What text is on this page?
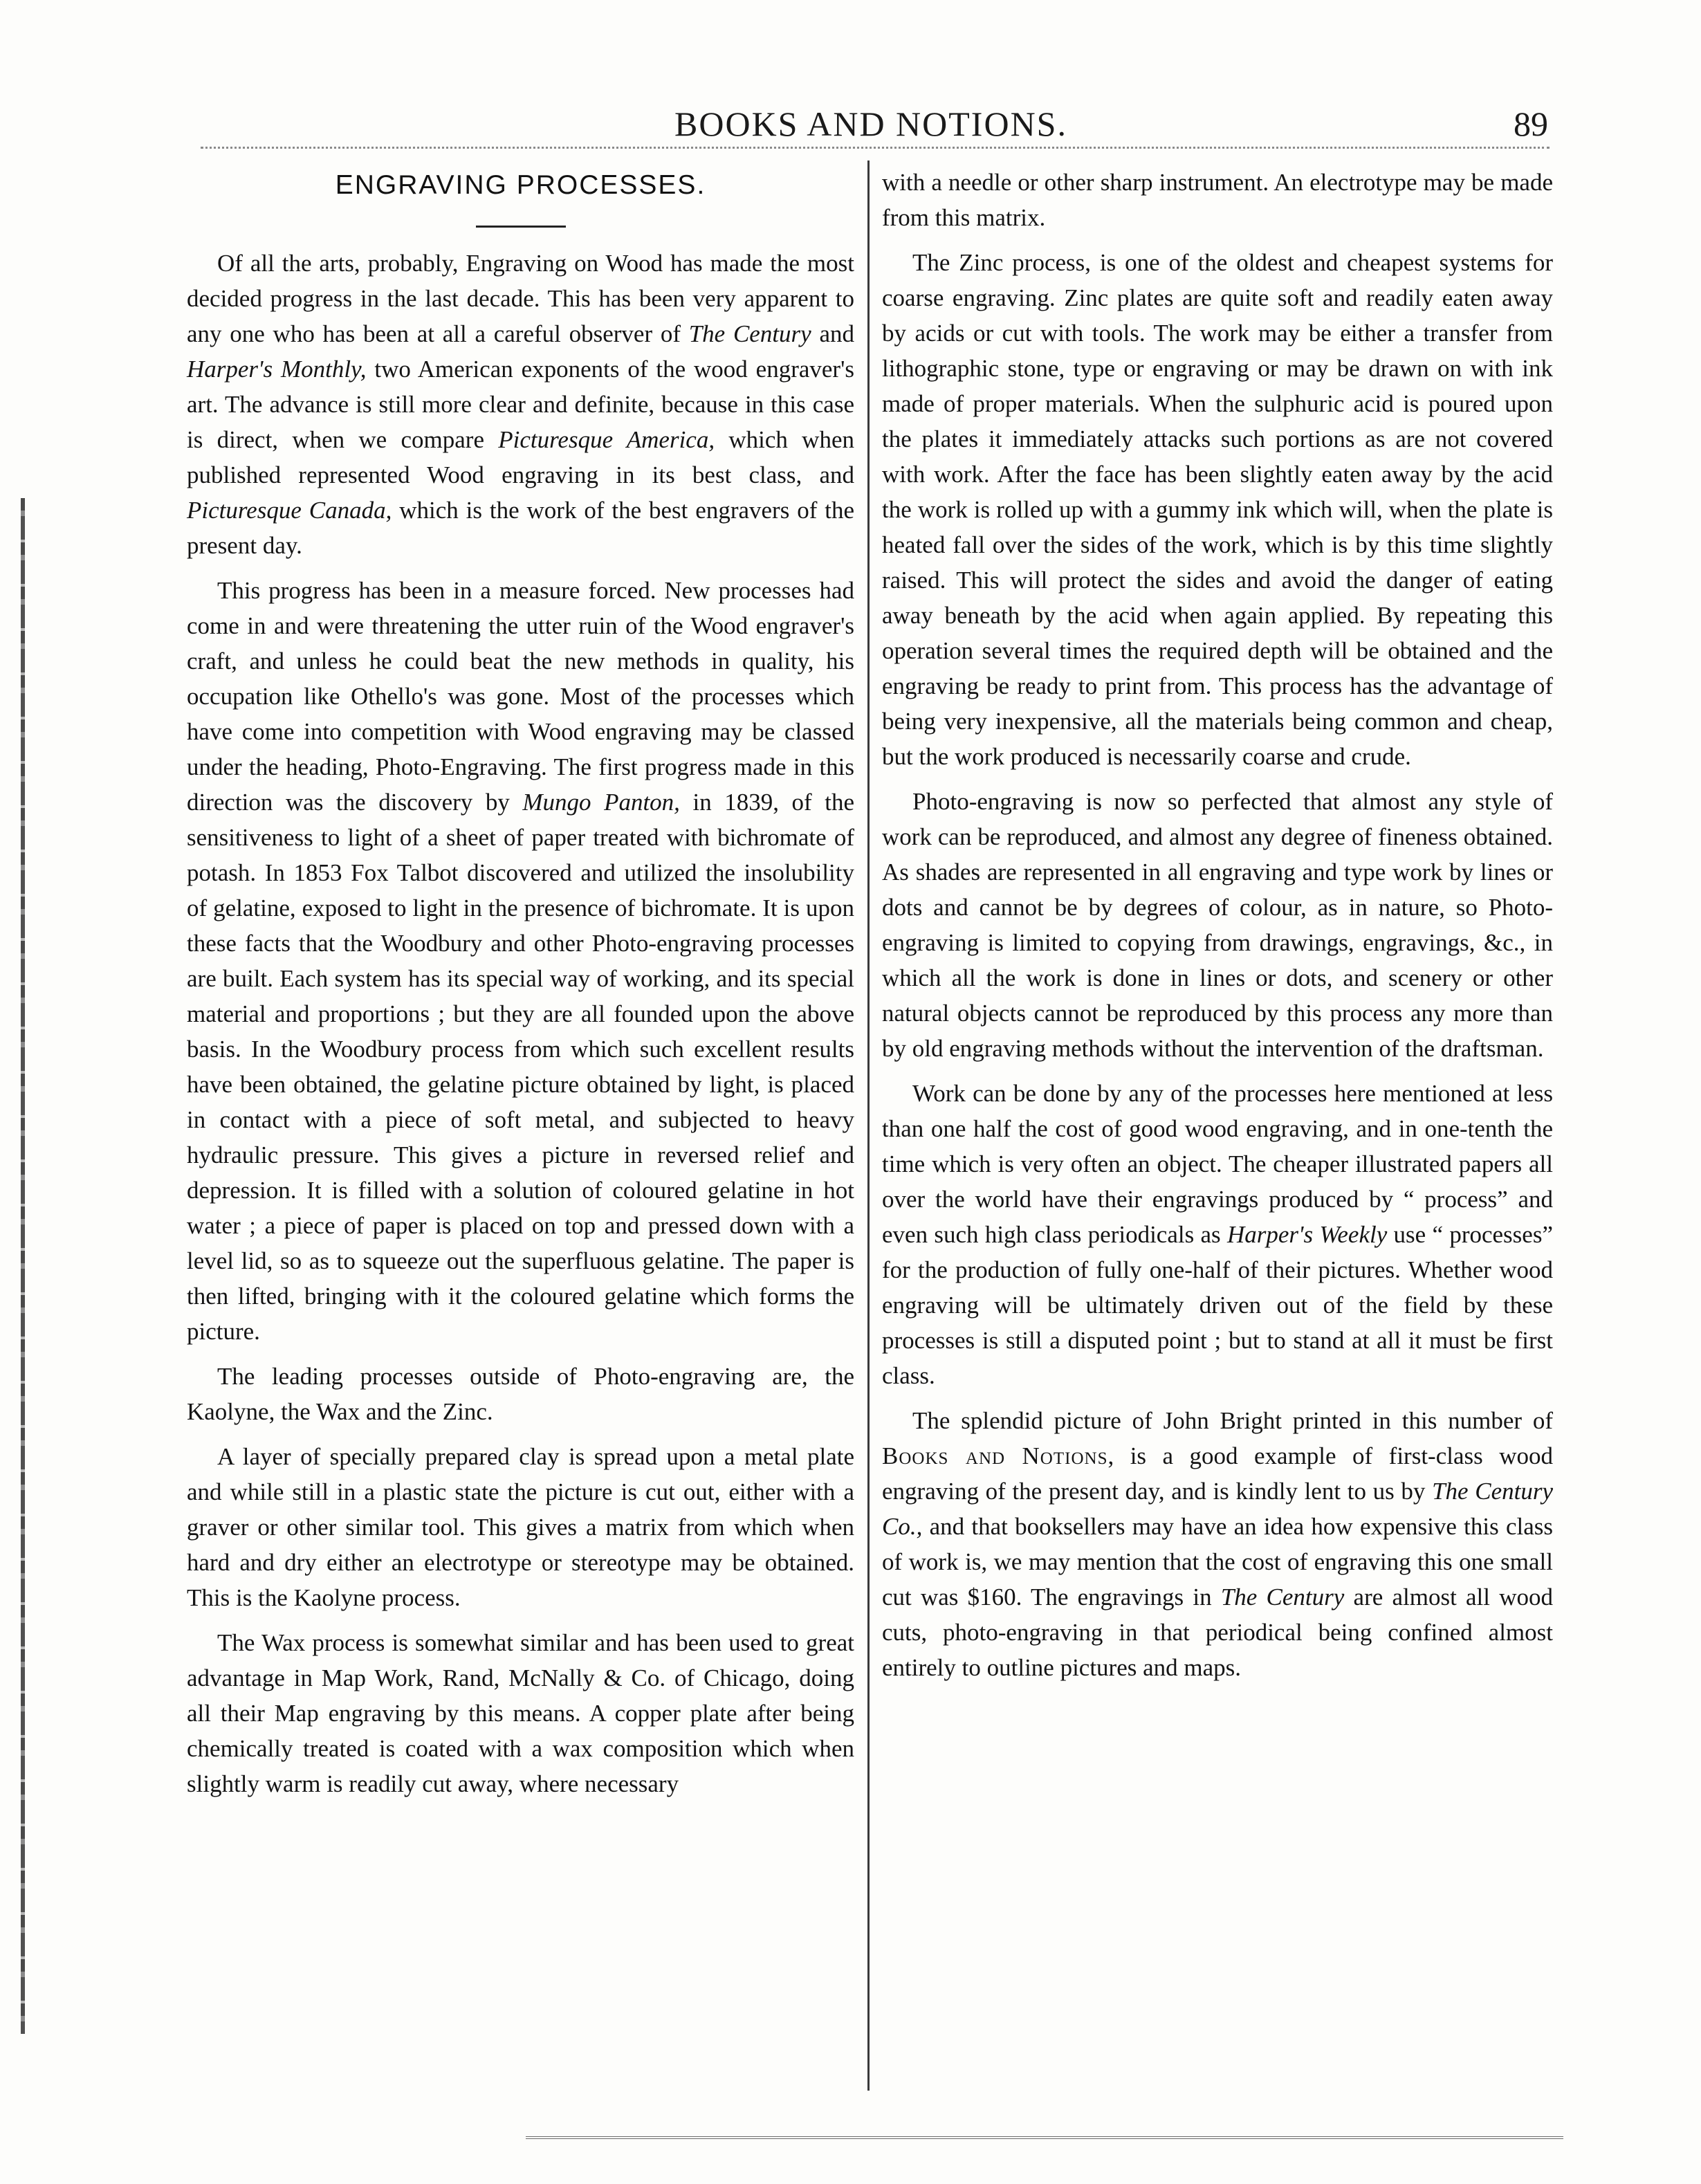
BOOKS AND NOTIONS.	89
ENGRAVING PROCESSES.

Of all the arts, probably, Engraving on Wood has made the most decided progress in the last decade. This has been very apparent to any one who has been at all a careful observer of The Century and Harper's Monthly, two American exponents of the wood engraver's art. The advance is still more clear and definite, because in this case is direct, when we compare Picturesque America, which when published represented Wood engraving in its best class, and Picturesque Canada, which is the work of the best engravers of the present day.

This progress has been in a measure forced. New processes had come in and were threatening the utter ruin of the Wood engraver's craft, and unless he could beat the new methods in quality, his occupation like Othello's was gone. Most of the processes which have come into competition with Wood engraving may be classed under the heading, Photo-Engraving. The first progress made in this direction was the discovery by Mungo Panton, in 1839, of the sensitiveness to light of a sheet of paper treated with bichromate of potash. In 1853 Fox Talbot discovered and utilized the insolubility of gelatine, exposed to light in the presence of bichromate. It is upon these facts that the Woodbury and other Photo-engraving processes are built. Each system has its special way of working, and its special material and proportions ; but they are all founded upon the above basis. In the Woodbury process from which such excellent results have been obtained, the gelatine picture obtained by light, is placed in contact with a piece of soft metal, and subjected to heavy hydraulic pressure. This gives a picture in reversed relief and depression. It is filled with a solution of coloured gelatine in hot water ; a piece of paper is placed on top and pressed down with a level lid, so as to squeeze out the superfluous gelatine. The paper is then lifted, bringing with it the coloured gelatine which forms the picture.

The leading processes outside of Photo-engraving are, the Kaolyne, the Wax and the Zinc.

A layer of specially prepared clay is spread upon a metal plate and while still in a plastic state the picture is cut out, either with a graver or other similar tool. This gives a matrix from which when hard and dry either an electrotype or stereotype may be obtained. This is the Kaolyne process.

The Wax process is somewhat similar and has been used to great advantage in Map Work, Rand, McNally & Co. of Chicago, doing all their Map engraving by this means. A copper plate after being chemically treated is coated with a wax composition which when slightly warm is readily cut away, where necessary

with a needle or other sharp instrument. An electrotype may be made from this matrix.

The Zinc process, is one of the oldest and cheapest systems for coarse engraving. Zinc plates are quite soft and readily eaten away by acids or cut with tools. The work may be either a transfer from lithographic stone, type or engraving or may be drawn on with ink made of proper materials. When the sulphuric acid is poured upon the plates it immediately attacks such portions as are not covered with work. After the face has been slightly eaten away by the acid the work is rolled up with a gummy ink which will, when the plate is heated fall over the sides of the work, which is by this time slightly raised. This will protect the sides and avoid the danger of eating away beneath by the acid when again applied. By repeating this operation several times the required depth will be obtained and the engraving be ready to print from. This process has the advantage of being very inexpensive, all the materials being common and cheap, but the work produced is necessarily coarse and crude.

Photo-engraving is now so perfected that almost any style of work can be reproduced, and almost any degree of fineness obtained. As shades are represented in all engraving and type work by lines or dots and cannot be by degrees of colour, as in nature, so Photo-engraving is limited to copying from drawings, engravings, &c., in which all the work is done in lines or dots, and scenery or other natural objects cannot be reproduced by this process any more than by old engraving methods without the intervention of the draftsman.

Work can be done by any of the processes here mentioned at less than one half the cost of good wood engraving, and in one-tenth the time which is very often an object. The cheaper illustrated papers all over the world have their engravings produced by “ process” and even such high class periodicals as Harper's Weekly use “ processes” for the production of fully one-half of their pictures. Whether wood engraving will be ultimately driven out of the field by these processes is still a disputed point ; but to stand at all it must be first class.

The splendid picture of John Bright printed in this number of Books and Notions, is a good example of first-class wood engraving of the present day, and is kindly lent to us by The Century Co., and that booksellers may have an idea how expensive this class of work is, we may mention that the cost of engraving this one small cut was $160. The engravings in The Century are almost all wood cuts, photo-engraving in that periodical being confined almost entirely to outline pictures and maps.
